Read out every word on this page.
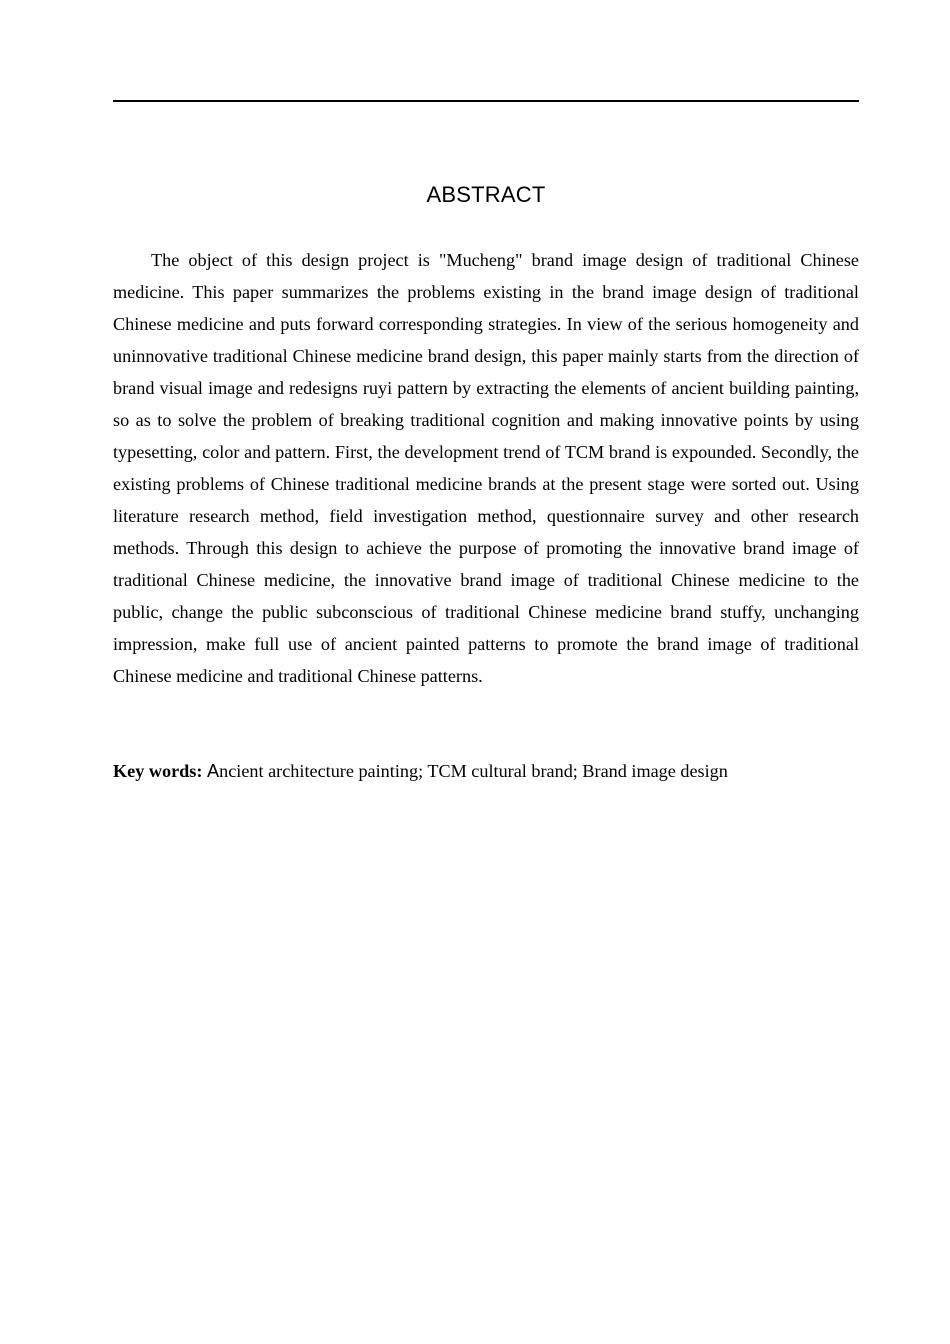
ABSTRACT

The object of this design project is "Mucheng" brand image design of traditional Chinese medicine. This paper summarizes the problems existing in the brand image design of traditional Chinese medicine and puts forward corresponding strategies. In view of the serious homogeneity and uninnovative traditional Chinese medicine brand design, this paper mainly starts from the direction of brand visual image and redesigns ruyi pattern by extracting the elements of ancient building painting, so as to solve the problem of breaking traditional cognition and making innovative points by using typesetting, color and pattern. First, the development trend of TCM brand is expounded. Secondly, the existing problems of Chinese traditional medicine brands at the present stage were sorted out. Using literature research method, field investigation method, questionnaire survey and other research methods. Through this design to achieve the purpose of promoting the innovative brand image of traditional Chinese medicine, the innovative brand image of traditional Chinese medicine to the public, change the public subconscious of traditional Chinese medicine brand stuffy, unchanging impression, make full use of ancient painted patterns to promote the brand image of traditional Chinese medicine and traditional Chinese patterns.

Key words: Ancient architecture painting; TCM cultural brand; Brand image design
